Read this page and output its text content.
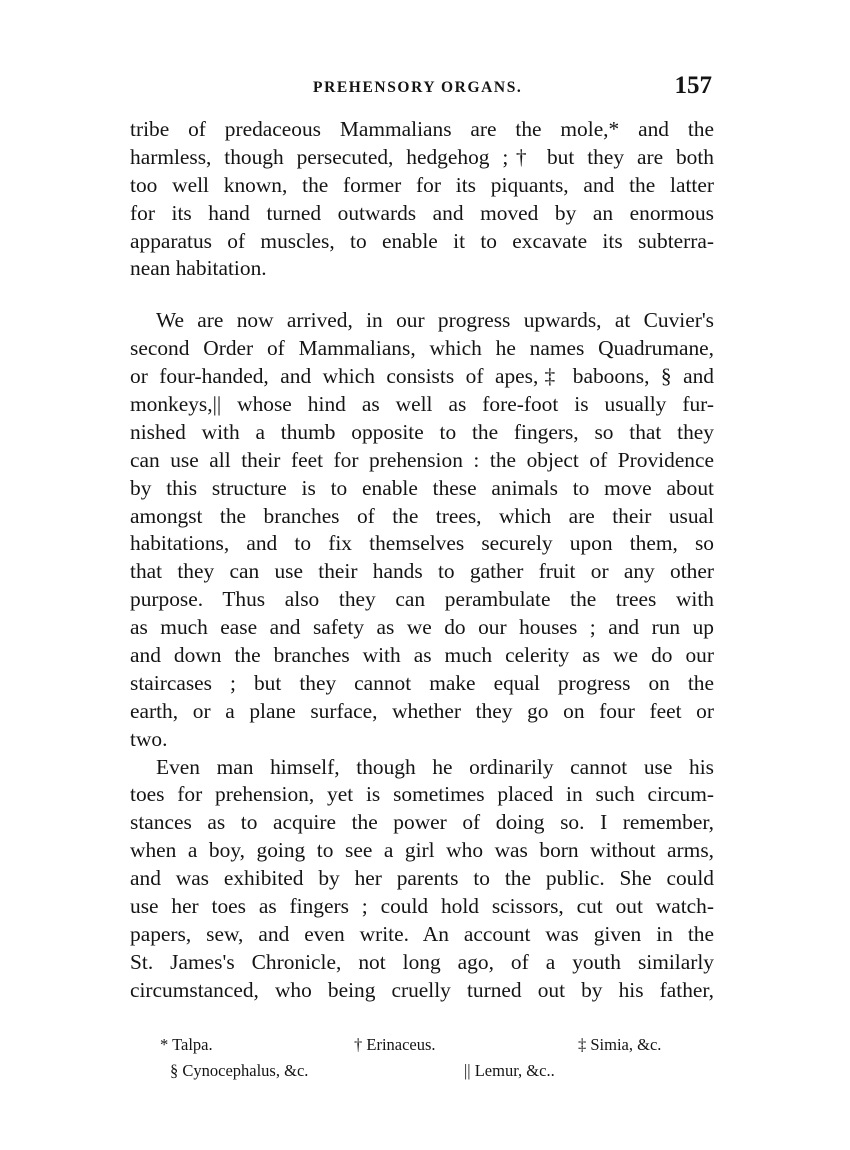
PREHENSORY ORGANS.	157
tribe of predaceous Mammalians are the mole,* and the
harmless, though persecuted, hedgehog ;† but they are both
too well known, the former for its piquants, and the latter
for its hand turned outwards and moved by an enormous
apparatus of muscles, to enable it to excavate its subterra-
nean habitation.
We are now arrived, in our progress upwards, at Cuvier's
second Order of Mammalians, which he names Quadrumane,
or four-handed, and which consists of apes,‡ baboons, § and
monkeys,|| whose hind as well as fore-foot is usually fur-
nished with a thumb opposite to the fingers, so that they
can use all their feet for prehension : the object of Providence
by this structure is to enable these animals to move about
amongst the branches of the trees, which are their usual
habitations, and to fix themselves securely upon them, so
that they can use their hands to gather fruit or any other
purpose. Thus also they can perambulate the trees with
as much ease and safety as we do our houses ; and run up
and down the branches with as much celerity as we do our
staircases ; but they cannot make equal progress on the
earth, or a plane surface, whether they go on four feet or
two.
Even man himself, though he ordinarily cannot use his
toes for prehension, yet is sometimes placed in such circum-
stances as to acquire the power of doing so. I remember,
when a boy, going to see a girl who was born without arms,
and was exhibited by her parents to the public. She could
use her toes as fingers ; could hold scissors, cut out watch-
papers, sew, and even write. An account was given in the
St. James's Chronicle, not long ago, of a youth similarly
circumstanced, who being cruelly turned out by his father,
* Talpa.	† Erinaceus.	‡ Simia, &c.
§ Cynocephalus, &c.	|| Lemur, &c..
